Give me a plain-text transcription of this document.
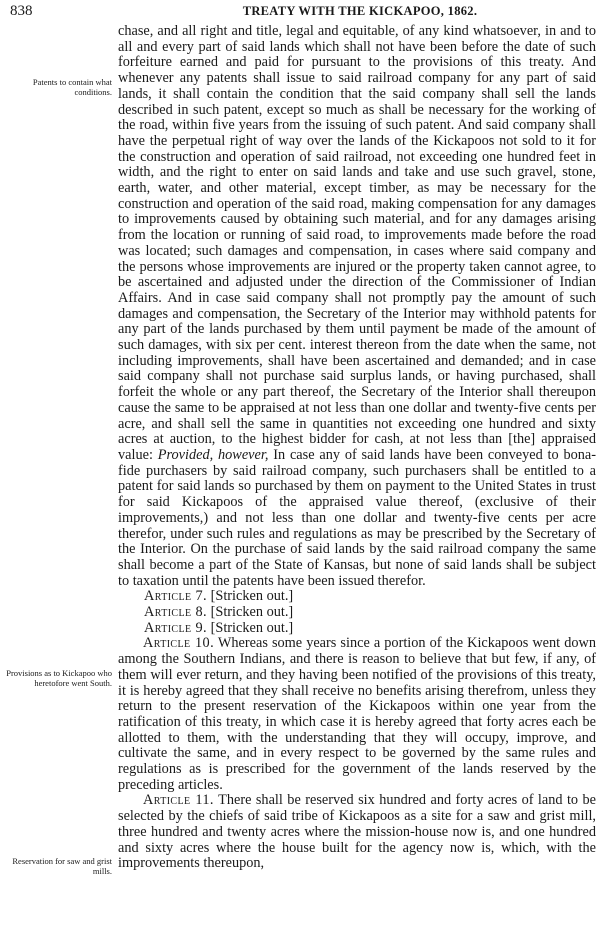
838	TREATY WITH THE KICKAPOO, 1862.
Patents to contain what conditions.
Provisions as to Kickapoo who heretofore went South.
Reservation for saw and grist mills.

chase, and all right and title, legal and equitable, of any kind whatsoever, in and to all and every part of said lands which shall not have been before the date of such forfeiture earned and paid for pursuant to the provisions of this treaty. And whenever any patents shall issue to said railroad company for any part of said lands, it shall contain the condition that the said company shall sell the lands described in such patent, except so much as shall be necessary for the working of the road, within five years from the issuing of such patent. And said company shall have the perpetual right of way over the lands of the Kickapoos not sold to it for the construction and operation of said railroad, not exceeding one hundred feet in width, and the right to enter on said lands and take and use such gravel, stone, earth, water, and other material, except timber, as may be necessary for the construction and operation of the said road, making compensation for any damages to improvements caused by obtaining such material, and for any damages arising from the location or running of said road, to improvements made before the road was located; such damages and compensation, in cases where said company and the persons whose improvements are injured or the property taken cannot agree, to be ascertained and adjusted under the direction of the Commissioner of Indian Affairs. And in case said company shall not promptly pay the amount of such damages and compensation, the Secretary of the Interior may withhold patents for any part of the lands purchased by them until payment be made of the amount of such damages, with six per cent. interest thereon from the date when the same, not including improvements, shall have been ascertained and demanded; and in case said company shall not purchase said surplus lands, or having purchased, shall forfeit the whole or any part thereof, the Secretary of the Interior shall thereupon cause the same to be appraised at not less than one dollar and twenty-five cents per acre, and shall sell the same in quantities not exceeding one hundred and sixty acres at auction, to the highest bidder for cash, at not less than [the] appraised value: Provided, however, In case any of said lands have been conveyed to bona-fide purchasers by said railroad company, such purchasers shall be entitled to a patent for said lands so purchased by them on payment to the United States in trust for said Kickapoos of the appraised value thereof, (exclusive of their improvements,) and not less than one dollar and twenty-five cents per acre therefor, under such rules and regulations as may be prescribed by the Secretary of the Interior. On the purchase of said lands by the said railroad company the same shall become a part of the State of Kansas, but none of said lands shall be subject to taxation until the patents have been issued therefor.

Article 7. [Stricken out.]

Article 8. [Stricken out.]

Article 9. [Stricken out.]

Article 10. Whereas some years since a portion of the Kickapoos went down among the Southern Indians, and there is reason to believe that but few, if any, of them will ever return, and they having been notified of the provisions of this treaty, it is hereby agreed that they shall receive no benefits arising therefrom, unless they return to the present reservation of the Kickapoos within one year from the ratification of this treaty, in which case it is hereby agreed that forty acres each be allotted to them, with the understanding that they will occupy, improve, and cultivate the same, and in every respect to be governed by the same rules and regulations as is prescribed for the government of the lands reserved by the preceding articles.

Article 11. There shall be reserved six hundred and forty acres of land to be selected by the chiefs of said tribe of Kickapoos as a site for a saw and grist mill, three hundred and twenty acres where the mission-house now is, and one hundred and sixty acres where the house built for the agency now is, which, with the improvements thereupon,
